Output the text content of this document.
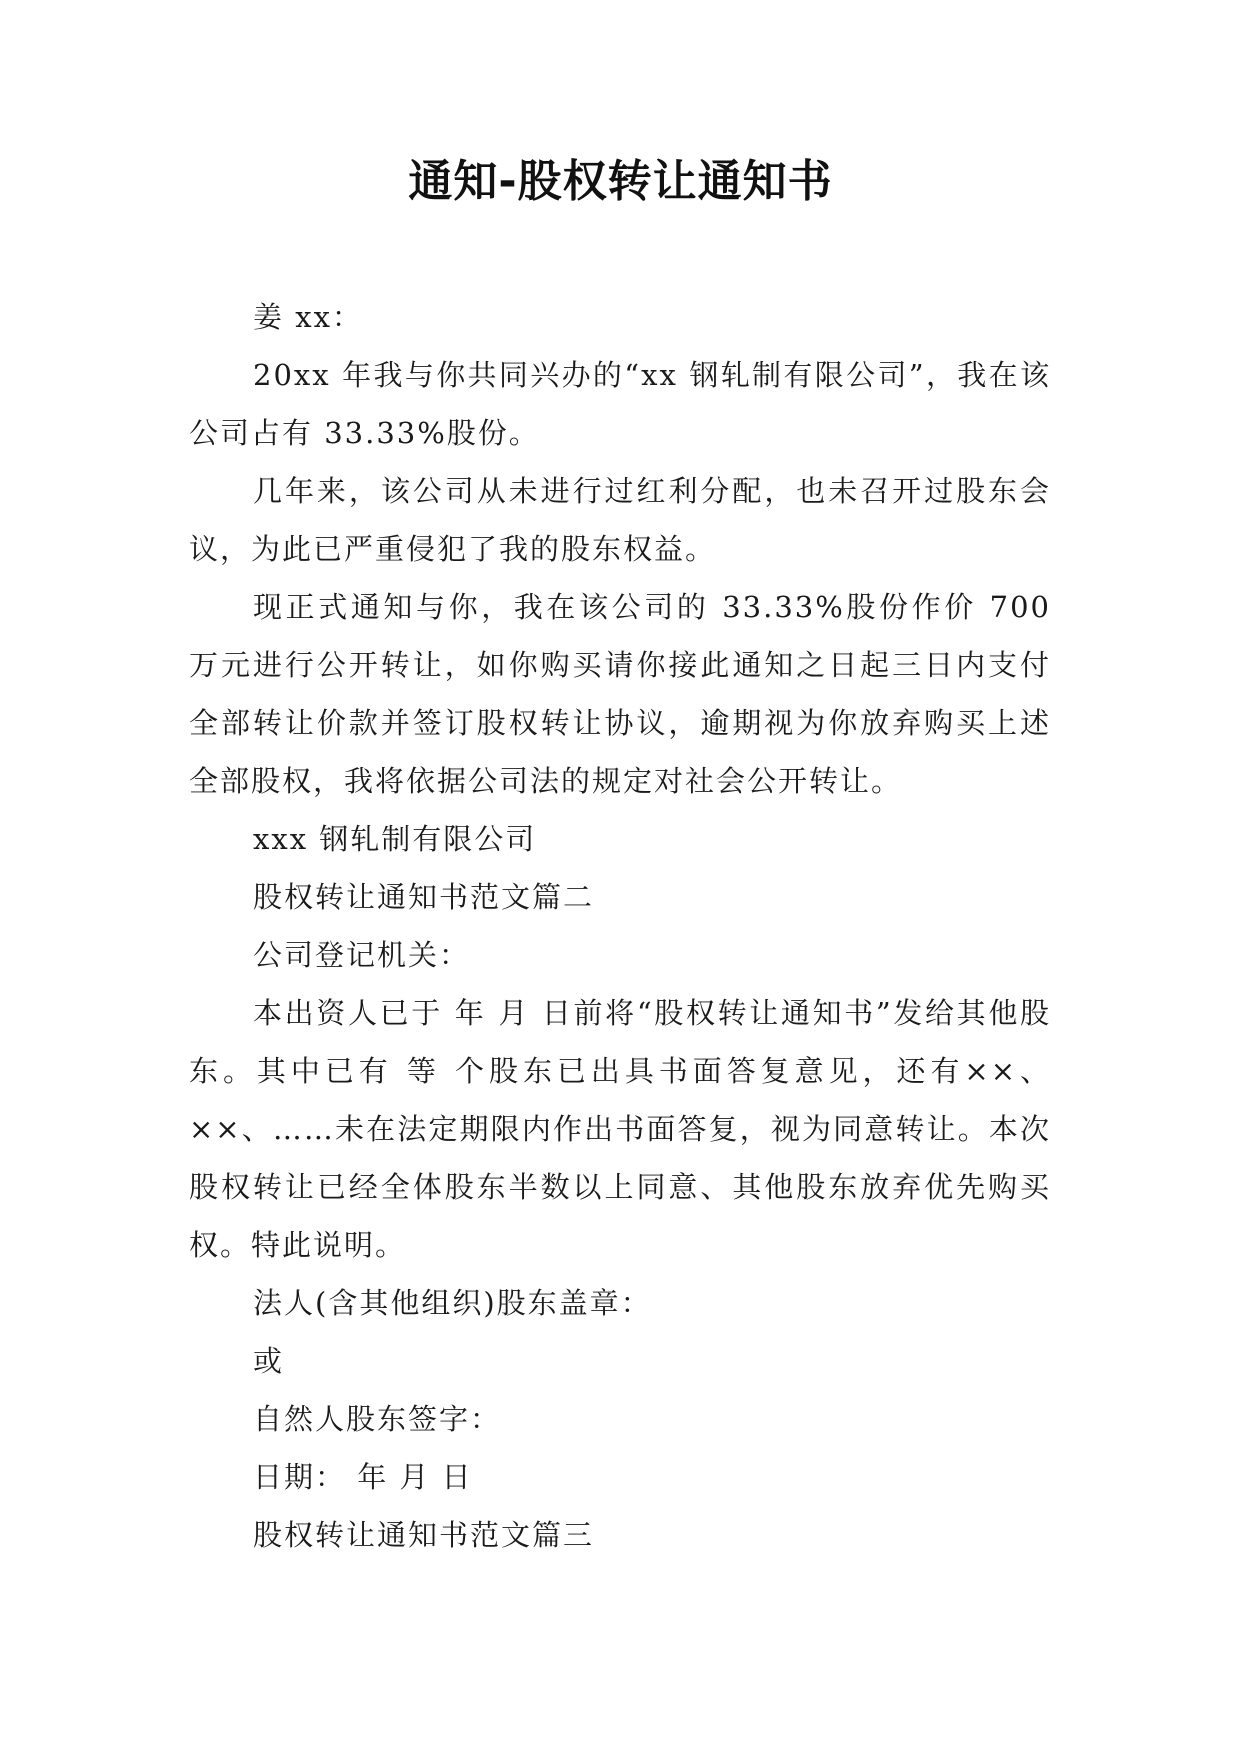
通知-股权转让通知书

姜 xx：

20xx 年我与你共同兴办的“xx 钢轧制有限公司”，我在该公司占有 33.33%股份。

几年来，该公司从未进行过红利分配，也未召开过股东会议，为此已严重侵犯了我的股东权益。

现正式通知与你，我在该公司的 33.33%股份作价 700 万元进行公开转让，如你购买请你接此通知之日起三日内支付全部转让价款并签订股权转让协议，逾期视为你放弃购买上述全部股权，我将依据公司法的规定对社会公开转让。

xxx 钢轧制有限公司

股权转让通知书范文篇二

公司登记机关：

本出资人已于 年 月 日前将“股权转让通知书”发给其他股东。其中已有 等 个股东已出具书面答复意见，还有××、××、……未在法定期限内作出书面答复，视为同意转让。本次股权转让已经全体股东半数以上同意、其他股东放弃优先购买权。特此说明。

法人(含其他组织)股东盖章：

或

自然人股东签字：

日期： 年 月 日

股权转让通知书范文篇三
